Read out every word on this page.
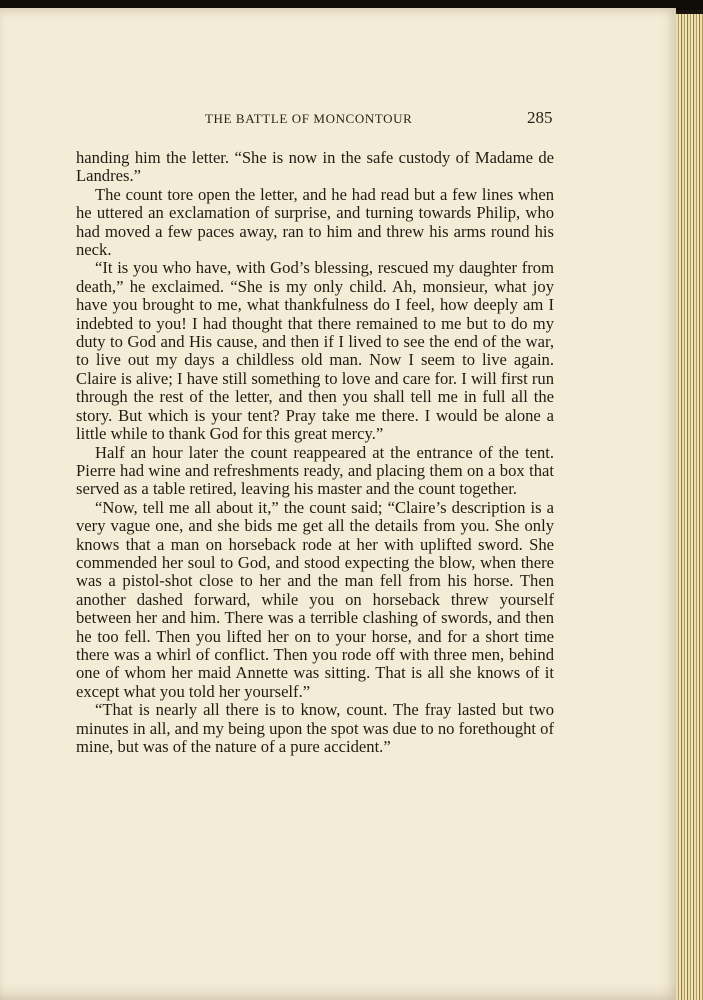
THE BATTLE OF MONCONTOUR	285

handing him the letter. “She is now in the safe custody of Madame de Landres.”

The count tore open the letter, and he had read but a few lines when he uttered an exclamation of surprise, and turning towards Philip, who had moved a few paces away, ran to him and threw his arms round his neck.

“It is you who have, with God’s blessing, rescued my daughter from death,” he exclaimed. “She is my only child. Ah, monsieur, what joy have you brought to me, what thankfulness do I feel, how deeply am I indebted to you! I had thought that there remained to me but to do my duty to God and His cause, and then if I lived to see the end of the war, to live out my days a childless old man. Now I seem to live again. Claire is alive; I have still something to love and care for. I will first run through the rest of the letter, and then you shall tell me in full all the story. But which is your tent? Pray take me there. I would be alone a little while to thank God for this great mercy.”

Half an hour later the count reappeared at the entrance of the tent. Pierre had wine and refreshments ready, and placing them on a box that served as a table retired, leaving his master and the count together.

“Now, tell me all about it,” the count said; “Claire’s description is a very vague one, and she bids me get all the details from you. She only knows that a man on horseback rode at her with uplifted sword. She commended her soul to God, and stood expecting the blow, when there was a pistol-shot close to her and the man fell from his horse. Then another dashed forward, while you on horseback threw yourself between her and him. There was a terrible clashing of swords, and then he too fell. Then you lifted her on to your horse, and for a short time there was a whirl of conflict. Then you rode off with three men, behind one of whom her maid Annette was sitting. That is all she knows of it except what you told her yourself.”

“That is nearly all there is to know, count. The fray lasted but two minutes in all, and my being upon the spot was due to no forethought of mine, but was of the nature of a pure accident.”
